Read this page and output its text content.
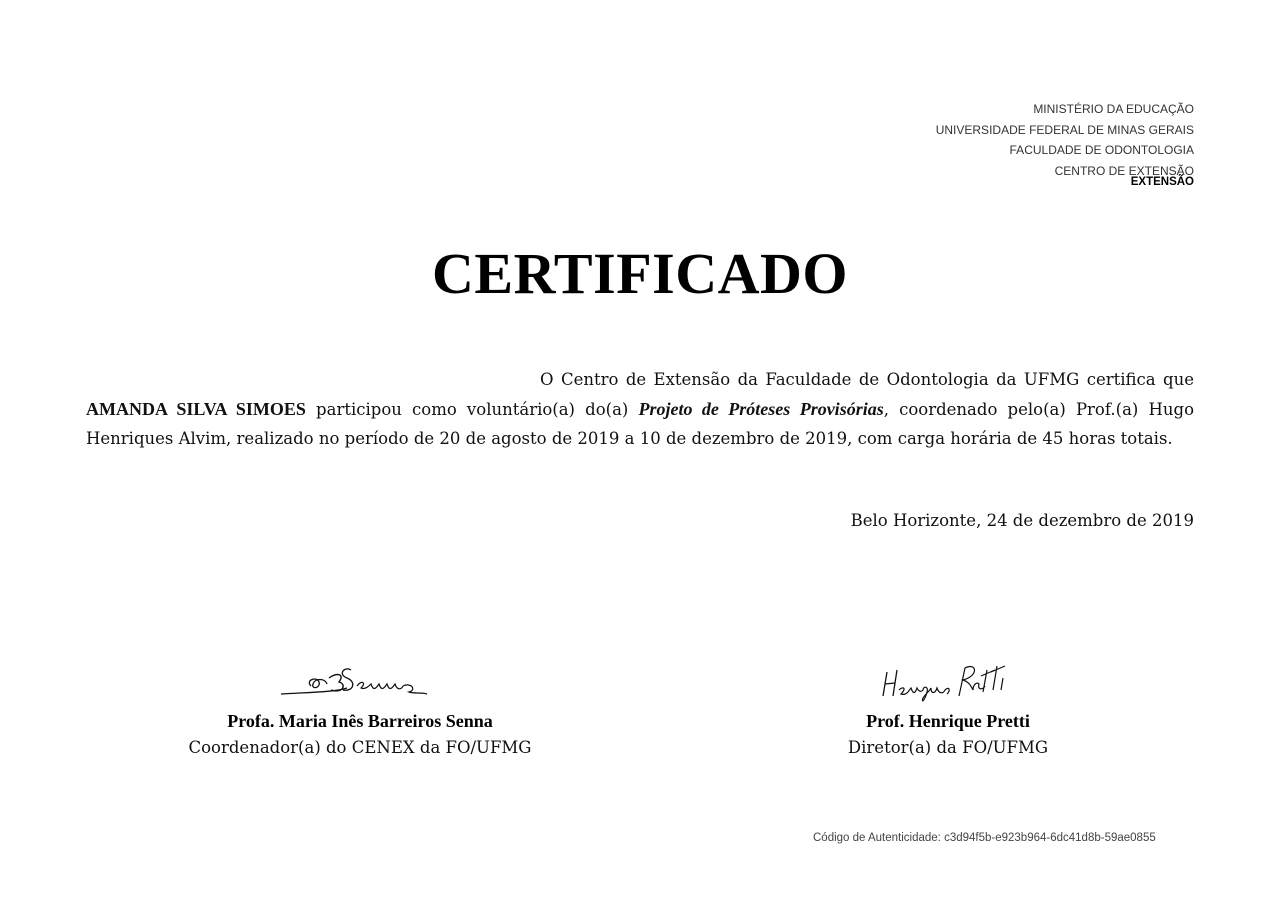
MINISTÉRIO DA EDUCAÇÃO
UNIVERSIDADE FEDERAL DE MINAS GERAIS
FACULDADE DE ODONTOLOGIA
CENTRO DE EXTENSÃO
EXTENSÃO
CERTIFICADO
O Centro de Extensão da Faculdade de Odontologia da UFMG certifica que AMANDA SILVA SIMOES participou como voluntário(a) do(a) Projeto de Próteses Provisórias, coordenado pelo(a) Prof.(a) Hugo Henriques Alvim, realizado no período de 20 de agosto de 2019 a 10 de dezembro de 2019, com carga horária de 45 horas totais.
Belo Horizonte, 24 de dezembro de 2019
Senna
Profa. Maria Inês Barreiros Senna
Coordenador(a) do CENEX da FO/UFMG
Henrique Pretti
Prof. Henrique Pretti
Diretor(a) da FO/UFMG
Código de Autenticidade: c3d94f5b-e923b964-6dc41d8b-59ae0855
